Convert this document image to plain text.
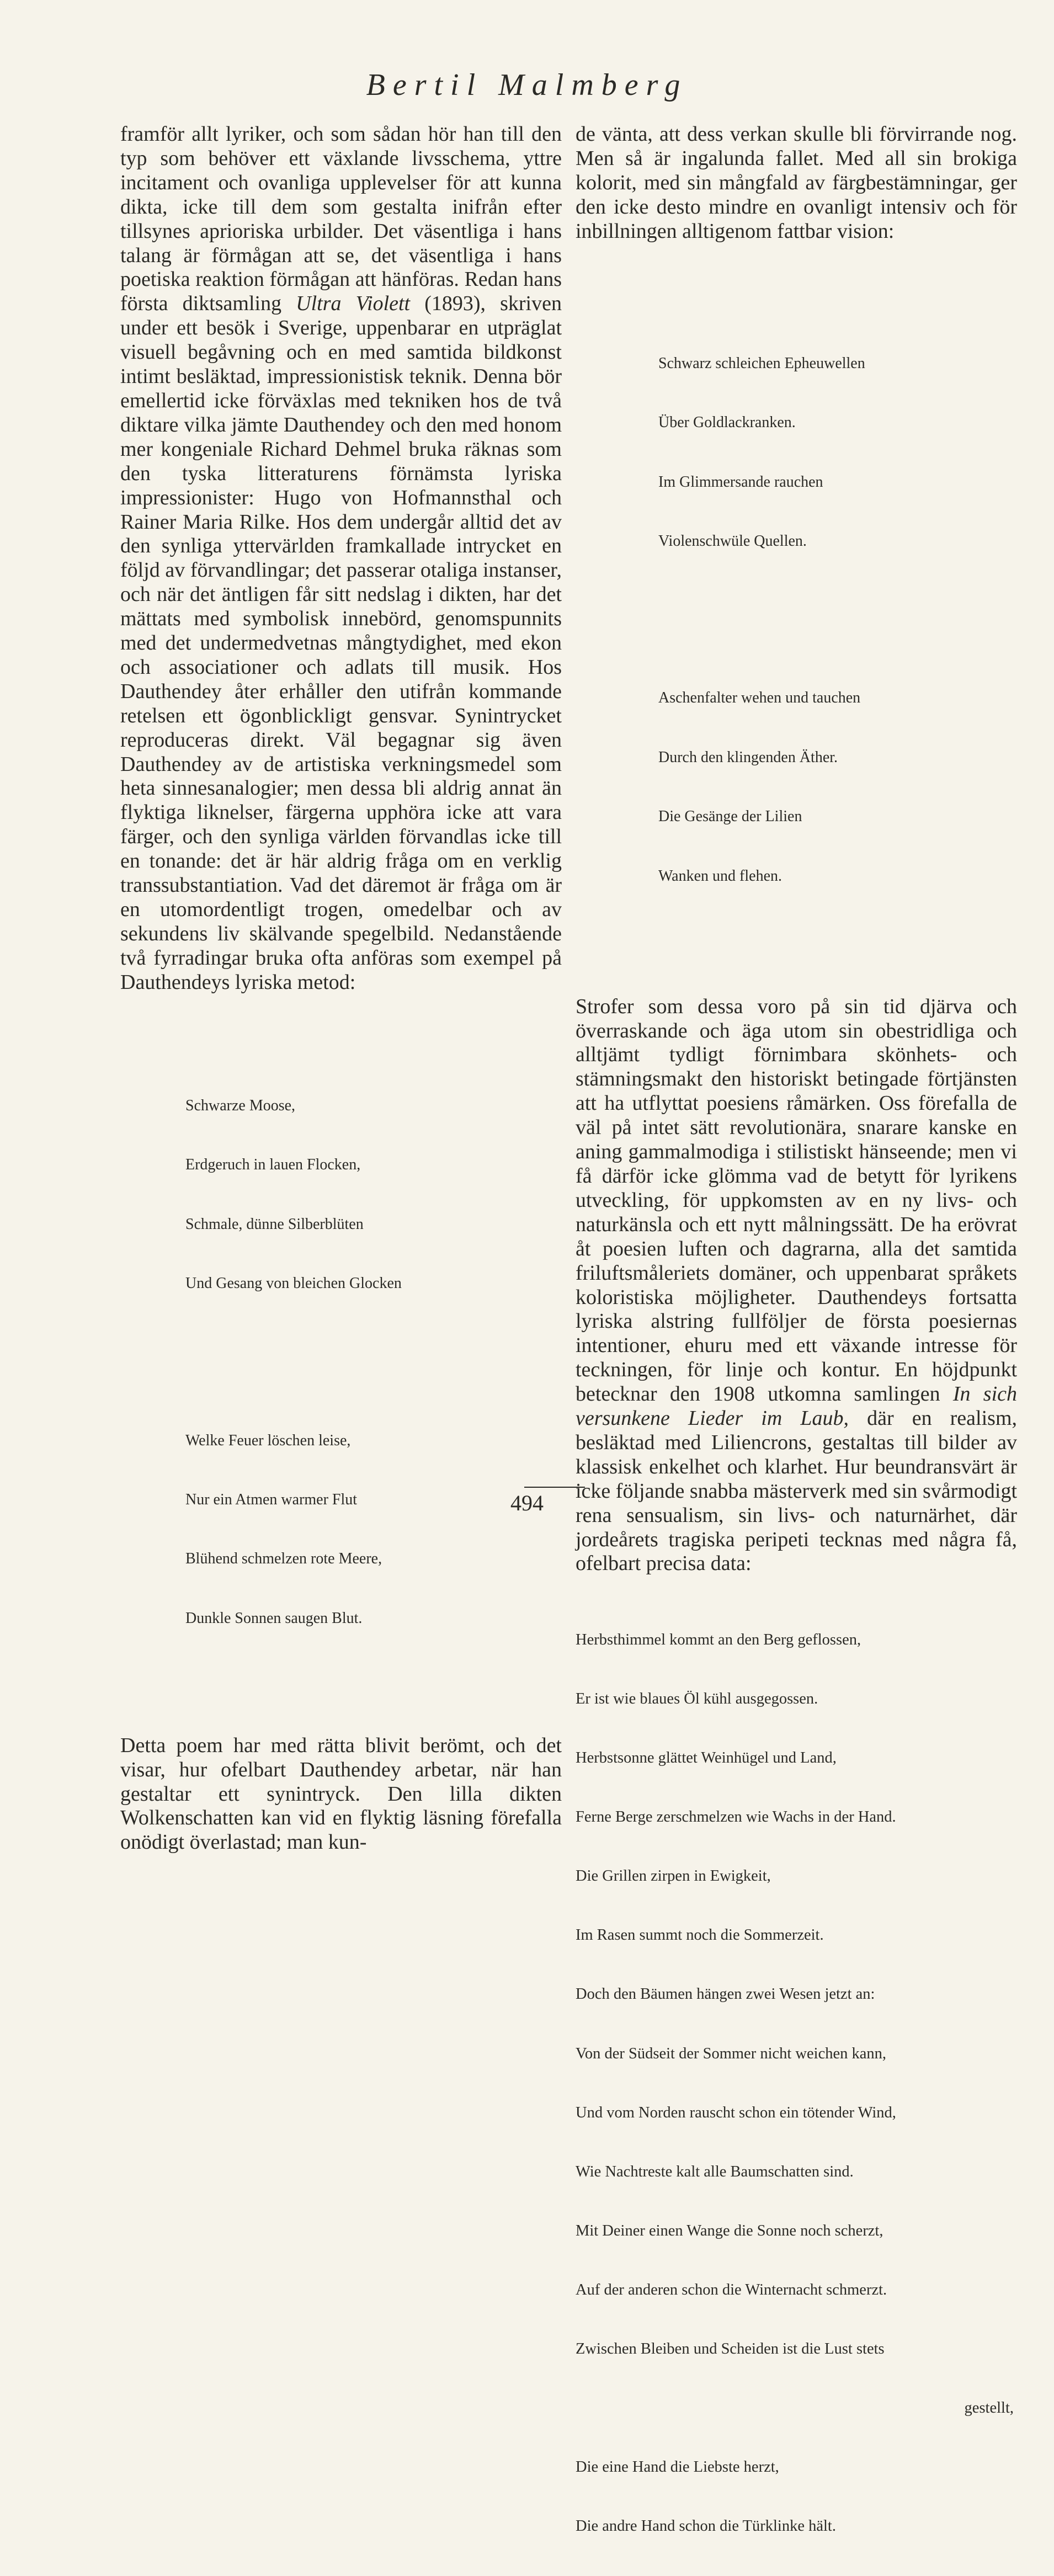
Bertil Malmberg
framför allt lyriker, och som sådan hör han till den typ som behöver ett växlande livsschema, yttre incitament och ovanliga upplevelser för att kunna dikta, icke till dem som gestalta inifrån efter tillsynes aprioriska urbilder. Det väsentliga i hans talang är förmågan att se, det väsentliga i hans poetiska reaktion förmågan att hänföras. Redan hans första diktsamling Ultra Violett (1893), skriven under ett besök i Sverige, uppenbarar en utpräglat visuell begåvning och en med samtida bildkonst intimt besläktad, impressionistisk teknik. Denna bör emellertid icke förväxlas med tekniken hos de två diktare vilka jämte Dauthendey och den med honom mer kongeniale Richard Dehmel bruka räknas som den tyska litteraturens förnämsta lyriska impressionister: Hugo von Hofmannsthal och Rainer Maria Rilke. Hos dem undergår alltid det av den synliga yttervärlden framkallade intrycket en följd av förvandlingar; det passerar otaliga instanser, och när det äntligen får sitt nedslag i dikten, har det mättats med symbolisk innebörd, genomspunnits med det undermedvetnas mångtydighet, med ekon och associationer och adlats till musik. Hos Dauthendey åter erhåller den utifrån kommande retelsen ett ögonblickligt gensvar. Synintrycket reproduceras direkt. Väl begagnar sig även Dauthendey av de artistiska verkningsmedel som heta sinnesanalogier; men dessa bli aldrig annat än flyktiga liknelser, färgerna upphöra icke att vara färger, och den synliga världen förvandlas icke till en tonande: det är här aldrig fråga om en verklig transsubstantiation. Vad det däremot är fråga om är en utomordentligt trogen, omedelbar och av sekundens liv skälvande spegelbild. Nedanstående två fyrradingar bruka ofta anföras som exempel på Dauthendeys lyriska metod:

Schwarze Moose,

Erdgeruch in lauen Flocken,

Schmale, dünne Silberblüten

Und Gesang von bleichen Glocken

Welke Feuer löschen leise,

Nur ein Atmen warmer Flut

Blühend schmelzen rote Meere,

Dunkle Sonnen saugen Blut.

Detta poem har med rätta blivit berömt, och det visar, hur ofelbart Dauthendey arbetar, när han gestaltar ett synintryck. Den lilla dikten Wolkenschatten kan vid en flyktig läsning förefalla onödigt överlastad; man kun-
de vänta, att dess verkan skulle bli förvirrande nog. Men så är ingalunda fallet. Med all sin brokiga kolorit, med sin mångfald av färgbestämningar, ger den icke desto mindre en ovanligt intensiv och för inbillningen alltigenom fattbar vision:

Schwarz schleichen Epheuwellen

Über Goldlackranken.

Im Glimmersande rauchen

Violenschwüle Quellen.

Aschenfalter wehen und tauchen

Durch den klingenden Äther.

Die Gesänge der Lilien

Wanken und flehen.

Strofer som dessa voro på sin tid djärva och överraskande och äga utom sin obestridliga och alltjämt tydligt förnimbara skönhets- och stämningsmakt den historiskt betingade förtjänsten att ha utflyttat poesiens råmärken. Oss förefalla de väl på intet sätt revolutionära, snarare kanske en aning gammalmodiga i stilistiskt hänseende; men vi få därför icke glömma vad de betytt för lyrikens utveckling, för uppkomsten av en ny livs- och naturkänsla och ett nytt målningssätt. De ha erövrat åt poesien luften och dagrarna, alla det samtida friluftsmåleriets domäner, och uppenbarat språkets koloristiska möjligheter. Dauthendeys fortsatta lyriska alstring fullföljer de första poesiernas intentioner, ehuru med ett växande intresse för teckningen, för linje och kontur. En höjdpunkt betecknar den 1908 utkomna samlingen In sich versunkene Lieder im Laub, där en realism, besläktad med Liliencrons, gestaltas till bilder av klassisk enkelhet och klarhet. Hur beundransvärt är icke följande snabba mästerverk med sin svårmodigt rena sensualism, sin livs- och naturnärhet, där jordeårets tragiska peripeti tecknas med några få, ofelbart precisa data:

Herbsthimmel kommt an den Berg geflossen,

Er ist wie blaues Öl kühl ausgegossen.

Herbstsonne glättet Weinhügel und Land,

Ferne Berge zerschmelzen wie Wachs in der Hand.

Die Grillen zirpen in Ewigkeit,

Im Rasen summt noch die Sommerzeit.

Doch den Bäumen hängen zwei Wesen jetzt an:

Von der Südseit der Sommer nicht weichen kann,

Und vom Norden rauscht schon ein tötender Wind,

Wie Nachtreste kalt alle Baumschatten sind.

Mit Deiner einen Wange die Sonne noch scherzt,

Auf der anderen schon die Winternacht schmerzt.

Zwischen Bleiben und Scheiden ist die Lust stets

gestellt,

Die eine Hand die Liebste herzt,

Die andre Hand schon die Türklinke hält.

494
